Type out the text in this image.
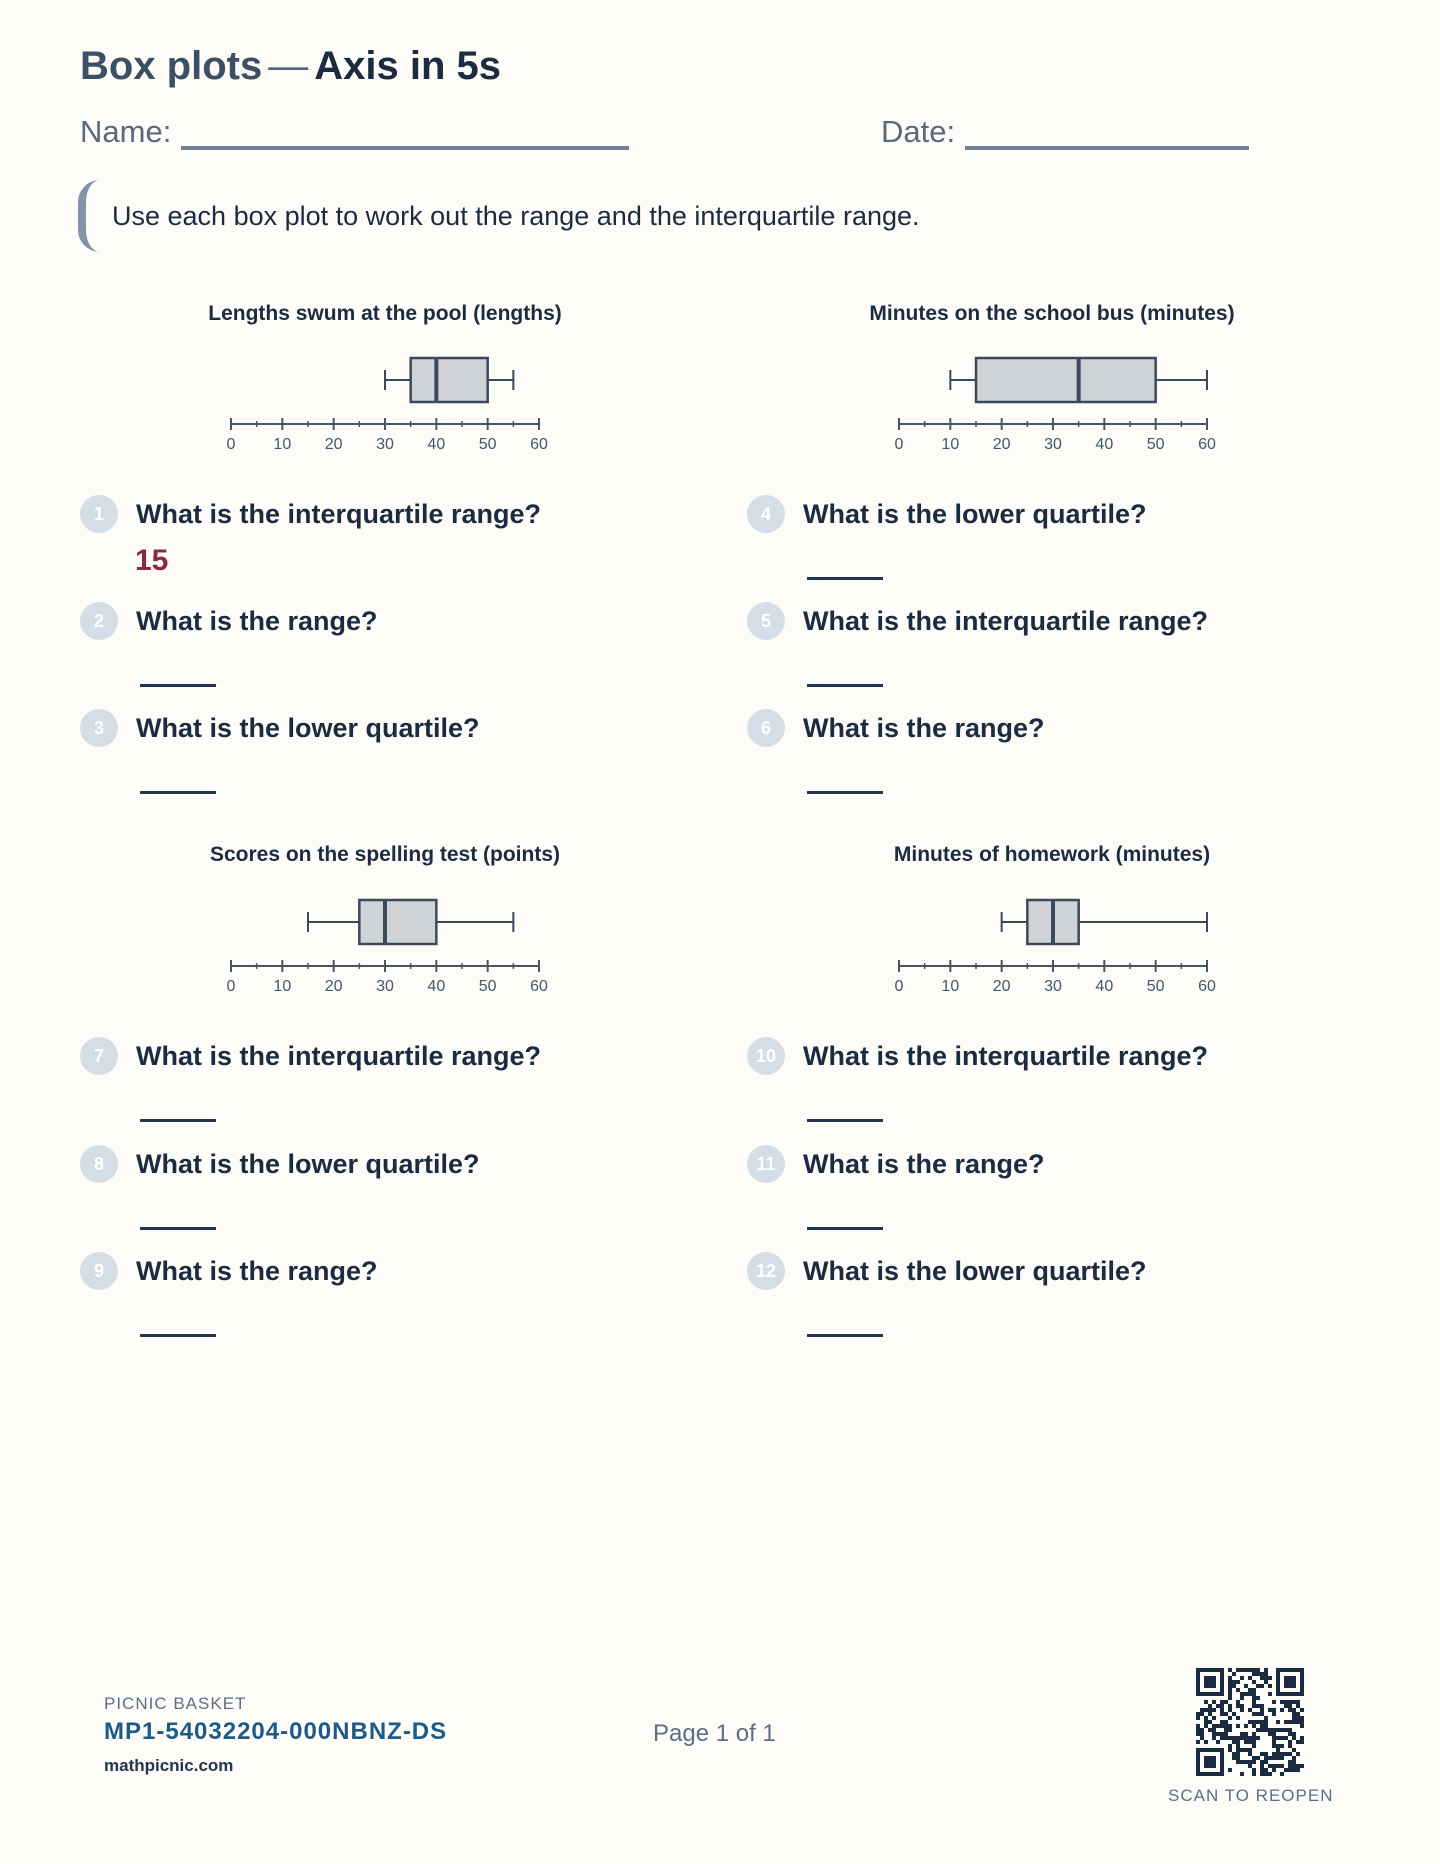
Box plots — Axis in 5s
Name:	Date:
Use each box plot to work out the range and the interquartile range.
Lengths swum at the pool (lengths)
0 10 20 30 40 50 60
Minutes on the school bus (minutes)
0 10 20 30 40 50 60
Scores on the spelling test (points)
0 10 20 30 40 50 60
Minutes of homework (minutes)
0 10 20 30 40 50 60
1	What is the interquartile range?
15
2	What is the range?
3	What is the lower quartile?
4	What is the lower quartile?
5	What is the interquartile range?
6	What is the range?
7	What is the interquartile range?
8	What is the lower quartile?
9	What is the range?
10 What is the interquartile range?
11	What is the range?
12 What is the lower quartile?
PICNIC BASKET
MP1-54032204-000NBNZ-DS
mathpicnic.com
Page 1 of 1
SCAN TO REOPEN
